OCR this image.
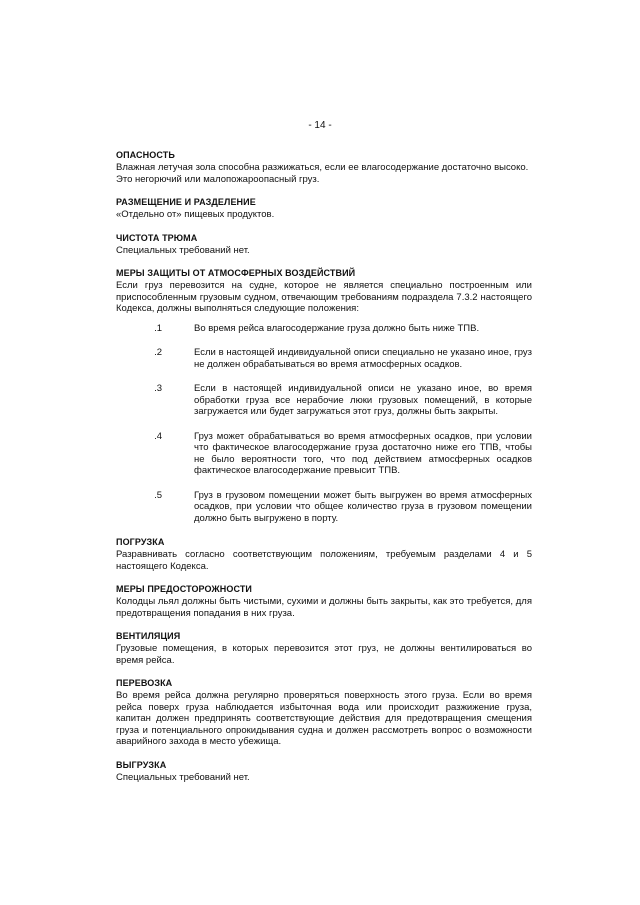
- 14 -
ОПАСНОСТЬ

Влажная летучая зола способна разжижаться, если ее влагосодержание достаточно высоко.

Это негорючий или малопожароопасный груз.

РАЗМЕЩЕНИЕ И РАЗДЕЛЕНИЕ

«Отдельно от» пищевых продуктов.

ЧИСТОТА ТРЮМА

Специальных требований нет.

МЕРЫ ЗАЩИТЫ ОТ АТМОСФЕРНЫХ ВОЗДЕЙСТВИЙ

Если груз перевозится на судне, которое не является специально построенным или приспособленным грузовым судном, отвечающим требованиям подраздела 7.3.2 настоящего Кодекса, должны выполняться следующие положения:

.1	Во время рейса влагосодержание груза должно быть ниже ТПВ.
.2	Если в настоящей индивидуальной описи специально не указано иное, груз не должен обрабатываться во время атмосферных осадков.
.3	Если в настоящей индивидуальной описи не указано иное, во время обработки груза все нерабочие люки грузовых помещений, в которые загружается или будет загружаться этот груз, должны быть закрыты.
.4	Груз может обрабатываться во время атмосферных осадков, при условии что фактическое влагосодержание груза достаточно ниже его ТПВ, чтобы не было вероятности того, что под действием атмосферных осадков фактическое влагосодержание превысит ТПВ.
.5	Груз в грузовом помещении может быть выгружен во время атмосферных осадков, при условии что общее количество груза в грузовом помещении должно быть выгружено в порту.
ПОГРУЗКА

Разравнивать согласно соответствующим положениям, требуемым разделами 4 и 5 настоящего Кодекса.

МЕРЫ ПРЕДОСТОРОЖНОСТИ

Колодцы льял должны быть чистыми, сухими и должны быть закрыты, как это требуется, для предотвращения попадания в них груза.

ВЕНТИЛЯЦИЯ

Грузовые помещения, в которых перевозится этот груз, не должны вентилироваться во время рейса.

ПЕРЕВОЗКА

Во время рейса должна регулярно проверяться поверхность этого груза. Если во время рейса поверх груза наблюдается избыточная вода или происходит разжижение груза, капитан должен предпринять соответствующие действия для предотвращения смещения груза и потенциального опрокидывания судна и должен рассмотреть вопрос о возможности аварийного захода в место убежища.

ВЫГРУЗКА

Специальных требований нет.
